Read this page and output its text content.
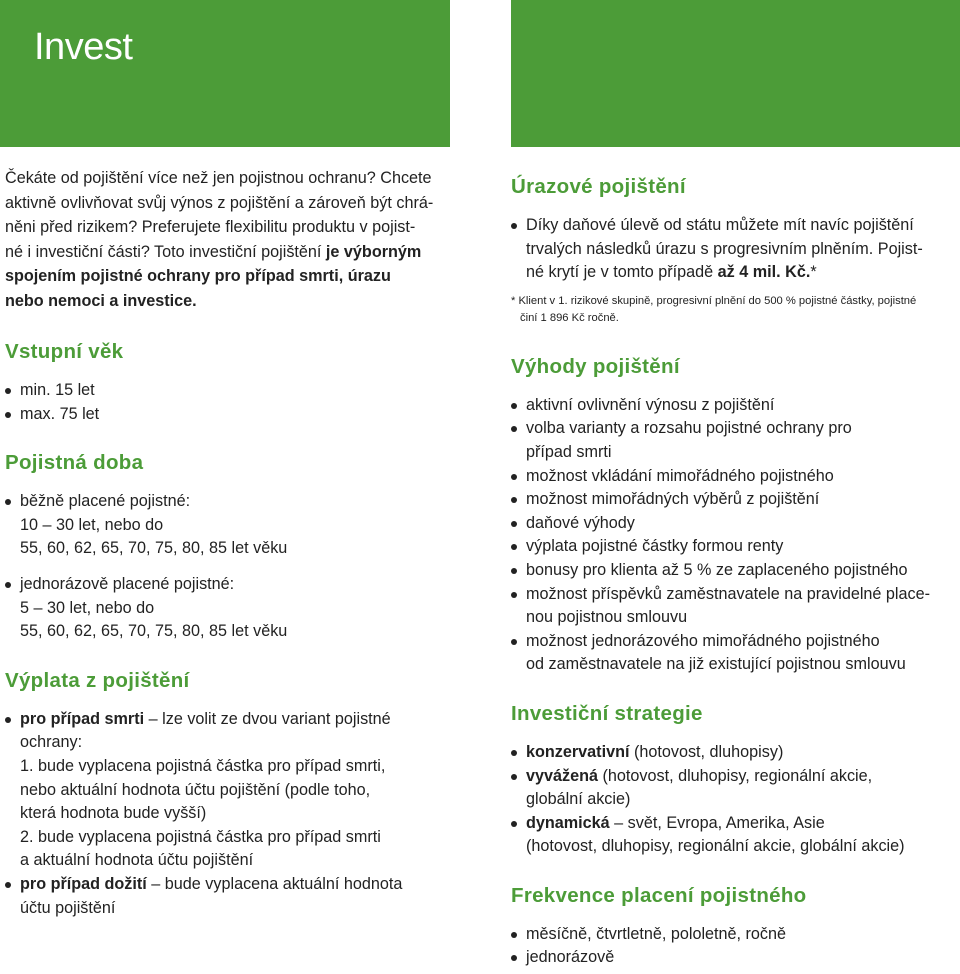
Invest

Čekáte od pojištění více než jen pojistnou ochranu? Chcete
aktivně ovlivňovat svůj výnos z pojištění a zároveň být chrá-
něni před rizikem? Preferujete flexibilitu produktu v pojist-
né i investiční části? Toto investiční pojištění je výborným
spojením pojistné ochrany pro případ smrti, úrazu
nebo nemoci a investice.

Vstupní věk
min. 15 let
max. 75 let
Pojistná doba
běžně placené pojistné:
10 – 30 let, nebo do
55, 60, 62, 65, 70, 75, 80, 85 let věku
jednorázově placené pojistné:
5 – 30 let, nebo do
55, 60, 62, 65, 70, 75, 80, 85 let věku
Výplata z pojištění
pro případ smrti – lze volit ze dvou variant pojistné
ochrany:
1. bude vyplacena pojistná částka pro případ smrti,
nebo aktuální hodnota účtu pojištění (podle toho,
která hodnota bude vyšší)
2. bude vyplacena pojistná částka pro případ smrti
a aktuální hodnota účtu pojištění
pro případ dožití – bude vyplacena aktuální hodnota
účtu pojištění
Úrazové pojištění
Díky daňové úlevě od státu můžete mít navíc pojištění
trvalých následků úrazu s progresivním plněním. Pojist-
né krytí je v tomto případě až 4 mil. Kč.*

* Klient v 1. rizikové skupině, progresivní plnění do 500 % pojistné částky, pojistné
činí 1 896 Kč ročně.

Výhody pojištění
aktivní ovlivnění výnosu z pojištění
volba varianty a rozsahu pojistné ochrany pro
případ smrti
možnost vkládání mimořádného pojistného
možnost mimořádných výběrů z pojištění
daňové výhody
výplata pojistné částky formou renty
bonusy pro klienta až 5 % ze zaplaceného pojistného
možnost příspěvků zaměstnavatele na pravidelné placе-
nou pojistnou smlouvu
možnost jednorázového mimořádného pojistného
od zaměstnavatele na již existující pojistnou smlouvu
Investiční strategie
konzervativní (hotovost, dluhopisy)
vyvážená (hotovost, dluhopisy, regionální akcie,
globální akcie)
dynamická – svět, Evropa, Amerika, Asie
(hotovost, dluhopisy, regionální akcie, globální akcie)
Frekvence placení pojistného
měsíčně, čtvrtletně, pololetně, ročně
jednorázově
